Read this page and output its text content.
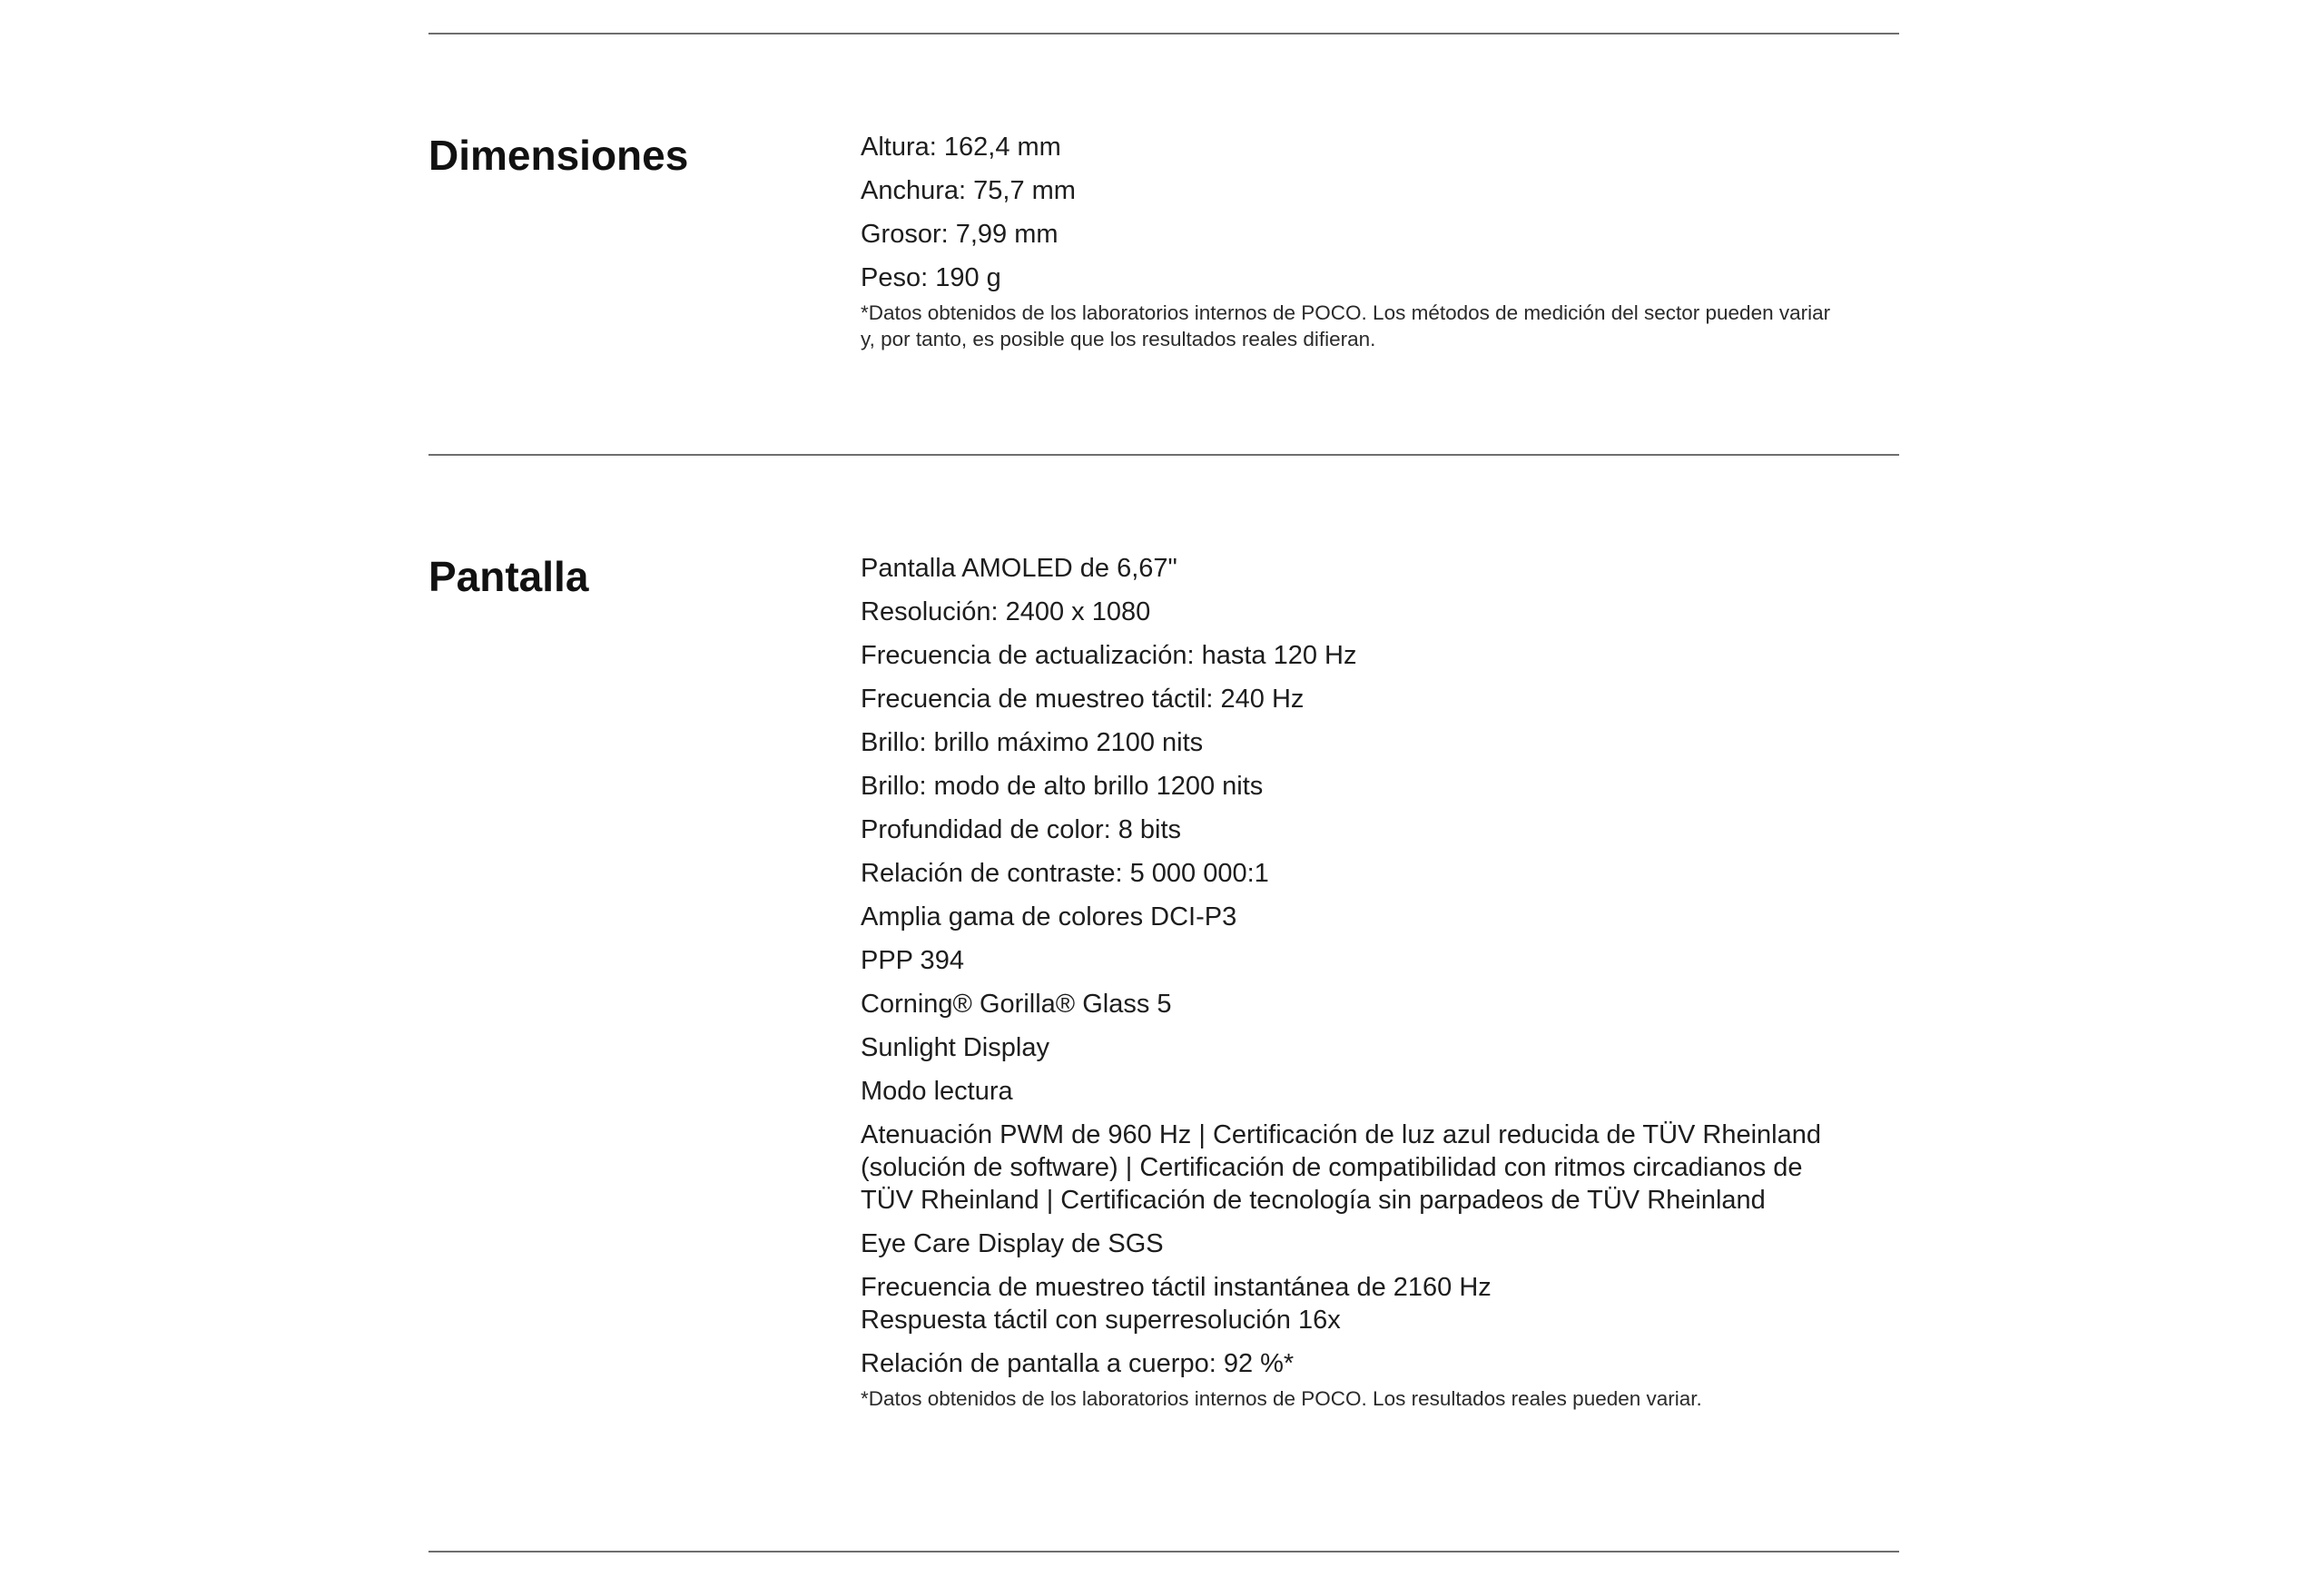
Dimensiones	Altura: 162,4 mm
Anchura: 75,7 mm
Grosor: 7,99 mm
Peso: 190 g
*Datos obtenidos de los laboratorios internos de POCO. Los métodos de medición del sector pueden variar y, por tanto, es posible que los resultados reales difieran.
Pantalla	Pantalla AMOLED de 6,67"
Resolución: 2400 x 1080
Frecuencia de actualización: hasta 120 Hz
Frecuencia de muestreo táctil: 240 Hz
Brillo: brillo máximo 2100 nits
Brillo: modo de alto brillo 1200 nits
Profundidad de color: 8 bits
Relación de contraste: 5 000 000:1
Amplia gama de colores DCI-P3
PPP 394
Corning® Gorilla® Glass 5
Sunlight Display
Modo lectura
Atenuación PWM de 960 Hz | Certificación de luz azul reducida de TÜV Rheinland (solución de software) | Certificación de compatibilidad con ritmos circadianos de TÜV Rheinland | Certificación de tecnología sin parpadeos de TÜV Rheinland
Eye Care Display de SGS
Frecuencia de muestreo táctil instantánea de 2160 Hz
Respuesta táctil con superresolución 16x
Relación de pantalla a cuerpo: 92 %*
*Datos obtenidos de los laboratorios internos de POCO. Los resultados reales pueden variar.
